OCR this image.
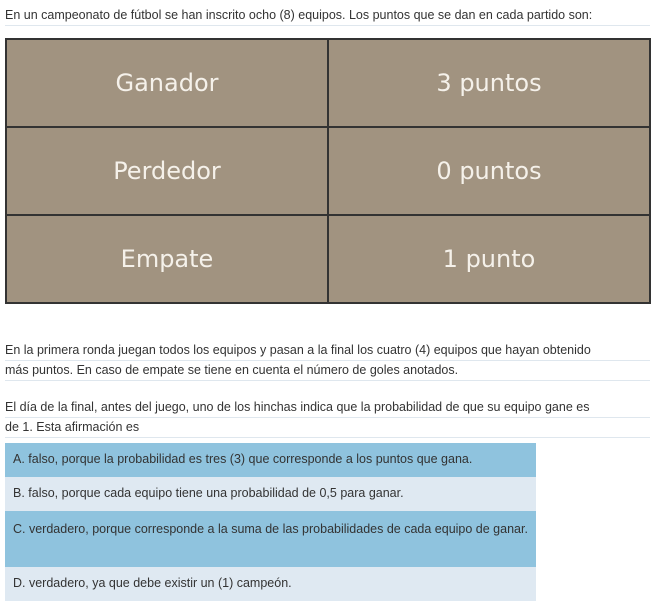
En un campeonato de fútbol se han inscrito ocho (8) equipos. Los puntos que se dan en cada partido son:
Ganador	3 puntos
Perdedor	0 puntos
Empate	1 punto
En la primera ronda juegan todos los equipos y pasan a la final los cuatro (4) equipos que hayan obtenido
más puntos. En caso de empate se tiene en cuenta el número de goles anotados.
El día de la final, antes del juego, uno de los hinchas indica que la probabilidad de que su equipo gane es
de 1. Esta afirmación es
A. falso, porque la probabilidad es tres (3) que corresponde a los puntos que gana.
B. falso, porque cada equipo tiene una probabilidad de 0,5 para ganar.
C. verdadero, porque corresponde a la suma de las probabilidades de cada equipo de ganar.
D. verdadero, ya que debe existir un (1) campeón.
